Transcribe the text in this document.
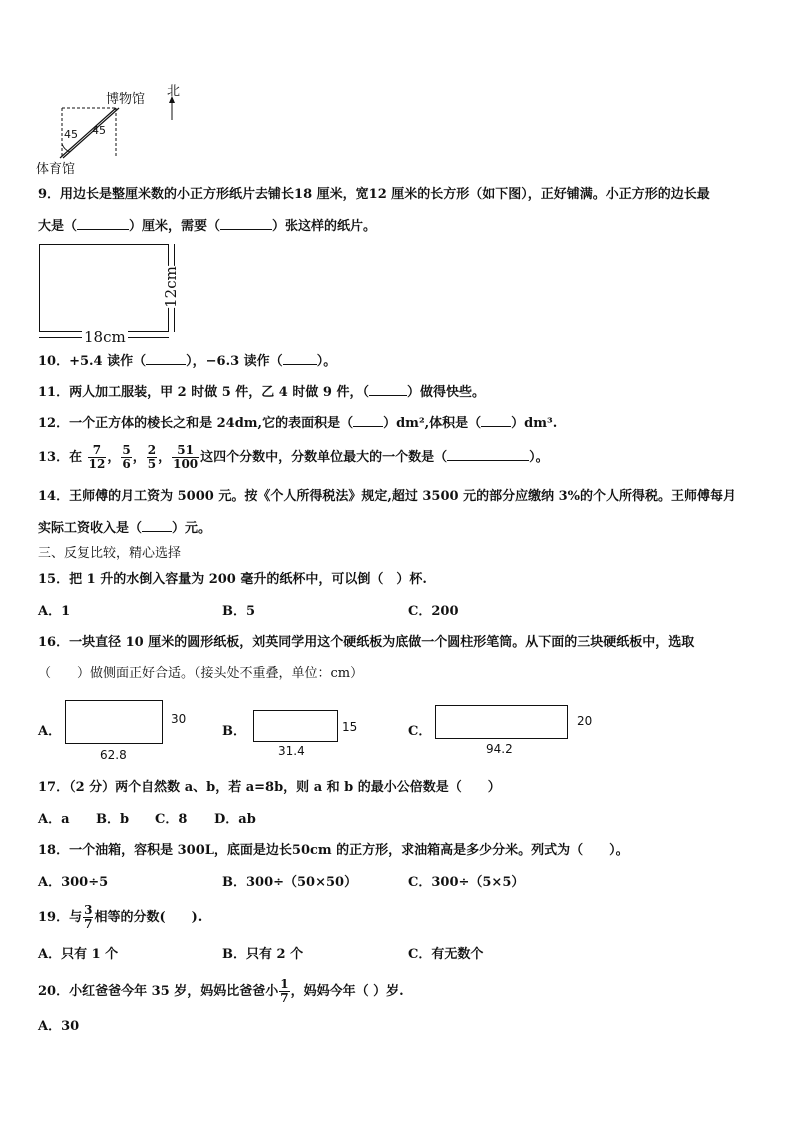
博物馆
北
45 45
体育馆
9．用边长是整厘米数的小正方形纸片去铺长18 厘米，宽12 厘米的长方形（如下图），正好铺满。小正方形的边长最
大是（	）厘米，需要（	）张这样的纸片。
18cm
12cm
10．+5.4 读作（	），−6.3 读作（	）。
11．两人加工服装，甲 2 时做 5 件，乙 4 时做 9 件，（	）做得快些。
12．一个正方体的棱长之和是 24dm,它的表面积是（ ）dm²,体积是（ ）dm³.
13．在 $\frac{7}{12}$ ， $\frac{5}{6}$ ， $\frac{2}{5}$ ， $\frac{51}{100}$ 这四个分数中，分数单位最大的一个数是（	）。
14．王师傅的月工资为 5000 元。按《个人所得税法》规定,超过 3500 元的部分应缴纳 3%的个人所得税。王师傅每月
实际工资收入是（ ）元。
三、反复比较，精心选择
15．把 1 升的水倒入容量为 200 毫升的纸杯中，可以倒（　）杯.
A．1	B．5	C．200
16．一块直径 10 厘米的圆形纸板，刘英同学用这个硬纸板为底做一个圆柱形笔筒。从下面的三块硬纸板中，选取
（　　）做侧面正好合适。（接头处不重叠，单位：cm）
A．
30
62.8
B．	15
31.4
C．
20
94.2
17．（2 分）两个自然数 a、b，若 a=8b，则 a 和 b 的最小公倍数是（　　）
A．a B．b C．8 D．ab
18．一个油箱，容积是 300L，底面是边长50cm 的正方形，求油箱高是多少分米。列式为（　　）。
A．300÷5	B．300÷（50×50）	C．300÷（5×5）
19．与 $\frac{3}{7}$ 相等的分数(　　).
A．只有 1 个	B．只有 2 个	C．有无数个
20．小红爸爸今年 35 岁，妈妈比爸爸小 $\frac{1}{7}$ ，妈妈今年（ ）岁.
A．30
